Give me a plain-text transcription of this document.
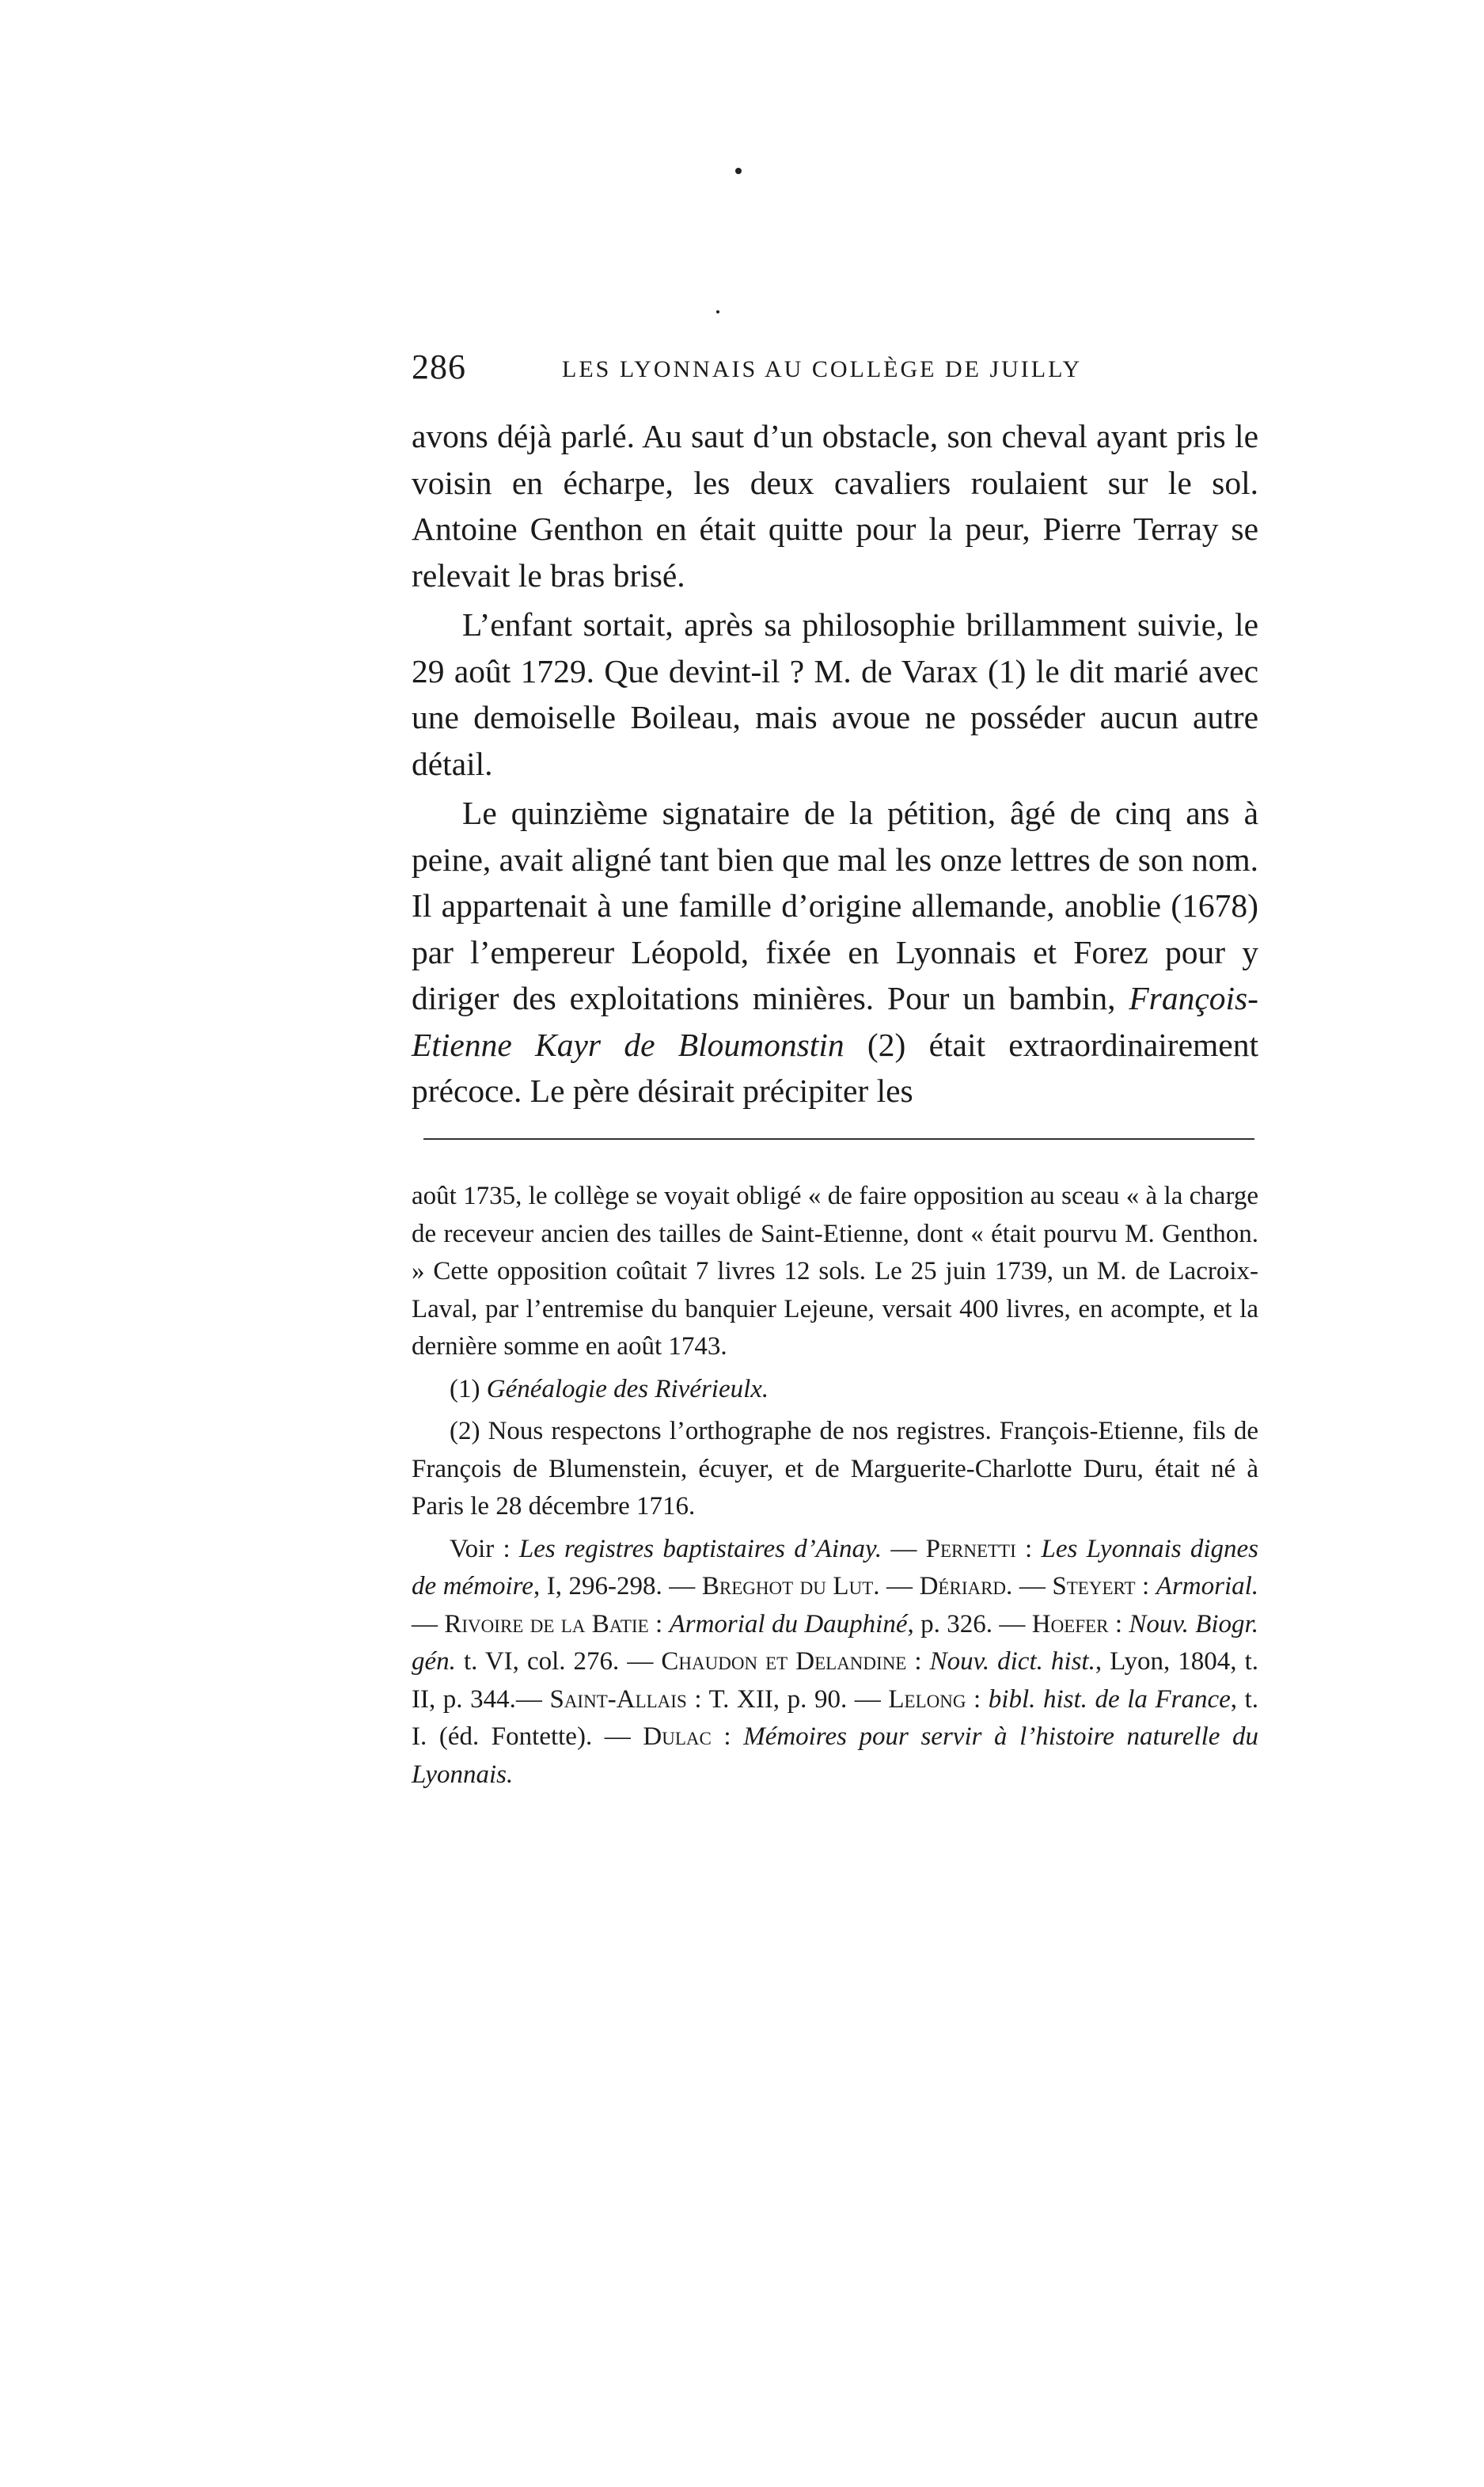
286	LES LYONNAIS AU COLLÈGE DE JUILLY

avons déjà parlé. Au saut d’un obstacle, son cheval ayant pris le voisin en écharpe, les deux cavaliers roulaient sur le sol. Antoine Genthon en était quitte pour la peur, Pierre Terray se relevait le bras brisé.

L’enfant sortait, après sa philosophie brillamment suivie, le 29 août 1729. Que devint-il ? M. de Varax (1) le dit marié avec une demoiselle Boileau, mais avoue ne posséder aucun autre détail.

Le quinzième signataire de la pétition, âgé de cinq ans à peine, avait aligné tant bien que mal les onze lettres de son nom. Il appartenait à une famille d’origine allemande, anoblie (1678) par l’empereur Léopold, fixée en Lyonnais et Forez pour y diriger des exploitations minières. Pour un bambin, François-Etienne Kayr de Bloumonstin (2) était extraordinairement précoce. Le père désirait précipiter les

août 1735, le collège se voyait obligé « de faire opposition au sceau « à la charge de receveur ancien des tailles de Saint-Etienne, dont « était pourvu M. Genthon. » Cette opposition coûtait 7 livres 12 sols. Le 25 juin 1739, un M. de Lacroix-Laval, par l’entremise du banquier Lejeune, versait 400 livres, en acompte, et la dernière somme en août 1743.

(1) Généalogie des Rivérieulx.

(2) Nous respectons l’orthographe de nos registres. François-Etienne, fils de François de Blumenstein, écuyer, et de Marguerite-Charlotte Duru, était né à Paris le 28 décembre 1716.

Voir : Les registres baptistaires d’Ainay. — Pernetti : Les Lyonnais dignes de mémoire, I, 296-298. — Breghot du Lut. — Dériard. — Steyert : Armorial. — Rivoire de la Batie : Armorial du Dauphiné, p. 326. — Hoefer : Nouv. Biogr. gén. t. VI, col. 276. — Chaudon et Delandine : Nouv. dict. hist., Lyon, 1804, t. II, p. 344.— Saint-Allais : T. XII, p. 90. — Lelong : bibl. hist. de la France, t. I. (éd. Fontette). — Dulac : Mémoires pour servir à l’histoire naturelle du Lyonnais.
